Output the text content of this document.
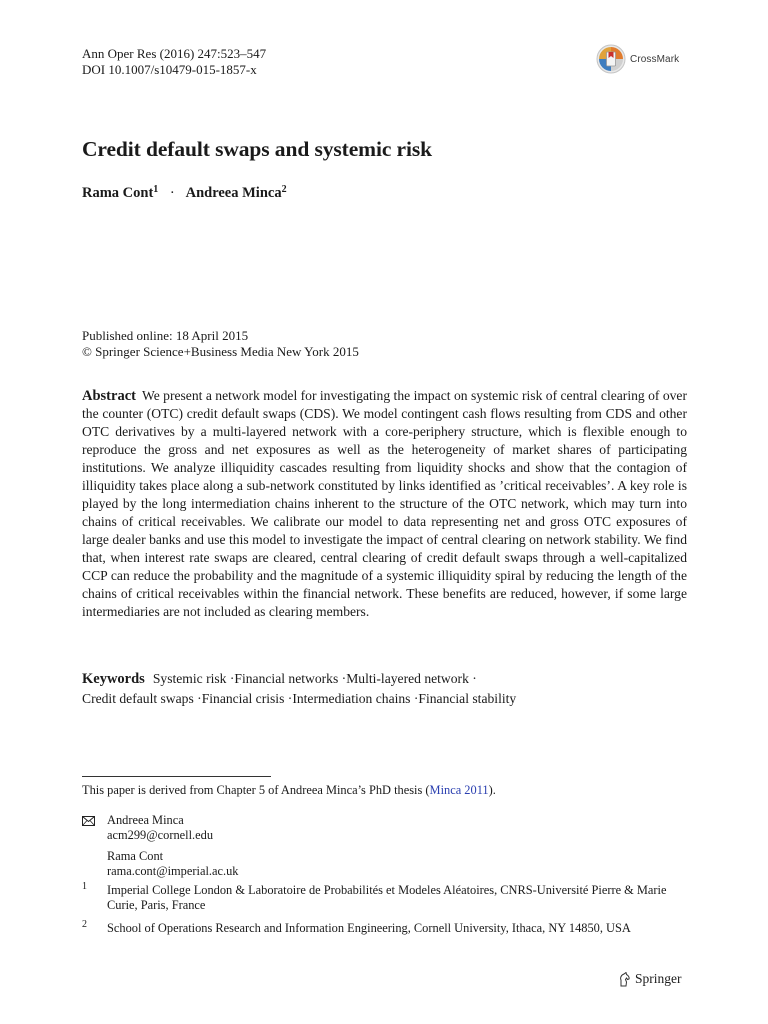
Ann Oper Res (2016) 247:523–547
DOI 10.1007/s10479-015-1857-x
CrossMark
Credit default swaps and systemic risk
Rama Cont$^1$ · Andreea Minca$^2$
Published online: 18 April 2015
© Springer Science+Business Media New York 2015

Abstract We present a network model for investigating the impact on systemic risk of central clearing of over the counter (OTC) credit default swaps (CDS). We model contingent cash flows resulting from CDS and other OTC derivatives by a multi-layered network with a core-periphery structure, which is flexible enough to reproduce the gross and net exposures as well as the heterogeneity of market shares of participating institutions. We analyze illiquidity cascades resulting from liquidity shocks and show that the contagion of illiquidity takes place along a sub-network constituted by links identified as ’critical receivables’. A key role is played by the long intermediation chains inherent to the structure of the OTC network, which may turn into chains of critical receivables. We calibrate our model to data representing net and gross OTC exposures of large dealer banks and use this model to investigate the impact of central clearing on network stability. We find that, when interest rate swaps are cleared, central clearing of credit default swaps through a well-capitalized CCP can reduce the probability and the magnitude of a systemic illiquidity spiral by reducing the length of the chains of critical receivables within the financial network. These benefits are reduced, however, if some large intermediaries are not included as clearing members.

Keywords Systemic risk · Financial networks · Multi-layered network ·
Credit default swaps · Financial crisis · Intermediation chains · Financial stability
This paper is derived from Chapter 5 of Andreea Minca’s PhD thesis (Minca 2011).
Andreea Minca
acm299@cornell.edu
Rama Cont
rama.cont@imperial.ac.uk
1	Imperial College London & Laboratoire de Probabilités et Modeles Aléatoires, CNRS-Université Pierre & Marie Curie, Paris, France
2	School of Operations Research and Information Engineering, Cornell University, Ithaca, NY 14850, USA
Springer
